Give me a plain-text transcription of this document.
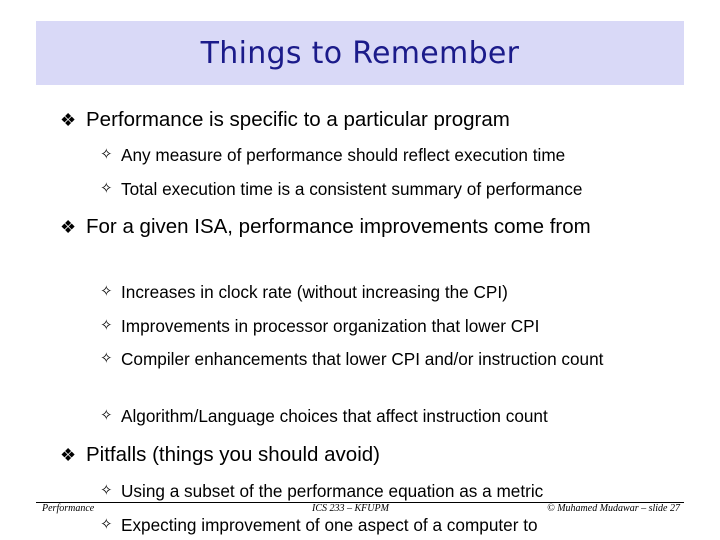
Things to Remember
❖ Performance is specific to a particular program
✧ Any measure of performance should reflect execution time
✧ Total execution time is a consistent summary of performance
❖ For a given ISA, performance improvements come from
✧ Increases in clock rate (without increasing the CPI)
✧ Improvements in processor organization that lower CPI
✧ Compiler enhancements that lower CPI and/or instruction count
✧ Algorithm/Language choices that affect instruction count
❖ Pitfalls (things you should avoid)
✧ Using a subset of the performance equation as a metric
Performance	ICS 233 – KFUPM	© Muhamed Mudawar – slide 27
✧ Expecting improvement of one aspect of a computer to
